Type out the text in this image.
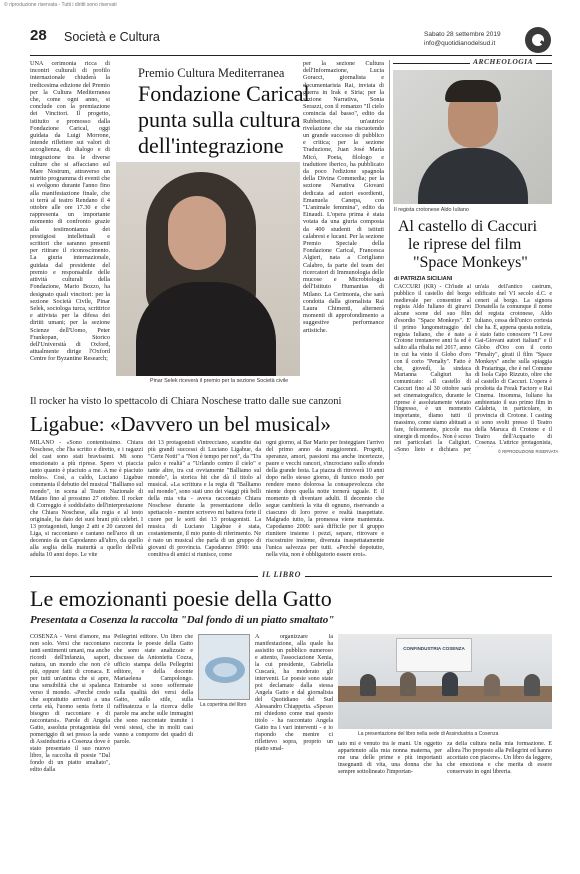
© riproduzione riservata - Tutti i diritti sono riservati
28 Società e Cultura	Sabato 28 settembre 2019
info@quotidianodelsud.it
UNA cerimonia ricca di incontri culturali di profilo internazionale chiuderà la tredicesima edizione del Premio per la Cultura Mediterranea che, come ogni anno, si conclude con la premiazione dei Vincitori. Il progetto, istituito e promosso dalla Fondazione Carical, oggi guidata da Luigi Morrone, intende riflettere sui valori di accoglienza, di dialogo e di integrazione tra le diverse culture che si affacciano sul Mare Nostrum, attraverso un nutrito programma di eventi che si svolgono durante l'anno fino alla manifestazione finale, che si terrà al teatro Rendano il 4 ottobre alle ore 17.30 e che rappresenta un importante momento di confronto grazie alla testimonianza dei prestigiosi intellettuali e scrittori che saranno presenti per ritirare il riconoscimento. La giuria internazionale, guidata dal presidente del premio e responsabile delle attività culturali della Fondazione, Mario Bozzo, ha designato quali vincitori: per la sezione Società Civile, Pinar Selek, sociologa turca, scrittrice e attivista per la difesa dei diritti umani; per la sezione Scienze dell'Uomo, Peter Frankopan, Storico dell'Università di Oxford, attualmente dirige l'Oxford Centre for Byzantine Research;
Premio Cultura Mediterranea
Fondazione Carical
punta sulla cultura
dell'integrazione
Pinar Selek riceverà il premio per la sezione Società civile
per la sezione Cultura dell'Informazione, Lucia Goracci, giornalista e documentarista Rai, inviata di guerra in Irak e Siria; per la sezione Narrativa, Sonia Serazzi, con il romanzo "Il cielo comincia dal basso", edito da Rubbettino, un'autrice rivelazione che sta riscuotendo un grande successo di pubblico e critica; per la sezione Traduzione, Juan José María Micó, Poeta, filologo e traduttore iberico, ha pubblicato da poco l'edizione spagnola della Divina Commedia; per la sezione Narrativa Giovani dedicata ad autori esordienti, Emanuela Canepa, con "L'animale femmina", edito da Einaudi. L'opera prima è stata votata da una giuria composta da 400 studenti di istituti calabresi e lucani. Per la sezione Premio Speciale della Fondazione Carical, Francesca Algieri, nata a Corigliano Calabro, fa parte del team dei ricercatori di Immunologia delle mucose e Microbiologia dell'Istituto Humanitas di Milano. La Cerimonia, che sarà condotta dalla giornalista Rai Laura Chimenti, alternerà momenti di approfondimento a suggestive performance artistiche.
ARCHEOLOGIA
Il regista crotonese Aldo Iuliano
Al castello di Caccuri
le riprese del film
"Space Monkeys"
di PATRIZIA SICILIANI
CACCURI (KR) - Ch'iude al pubblico il castello del borgo medievale per consentire al regista Aldo Iuliano di girarvi alcune scene del suo film d'esordio "Space Monkeys". E' il primo lungometraggio del regista Iuliano, che è nato a Crotone trentanove anni fa ed è salito alla ribalta nel 2017, anno in cui ha vinto il Globo d'oro con il corto "Penalty". Fatto è che, giovedì, la sindaca Marianna Caligiuri ha comunicato: «Il castello di Caccuri fino al 30 ottobre sarà set cinematografico, durante le riprese è assolutamente vietato l'ingresso, è un momento importante, diamo tutti il massimo, come siamo abituati a fare, felicemente, piccole ma sinergie di mondo». Non è sceso nei particolari la Caligiuri. «Sono lieto e dichiara per
un'ala dell'antico castrum, edificato nel VI secolo d.C. e ceneri al borgo. La signora Donatella fa comunque il nome del regista crotonese, Aldo Iuliano, cessa dell'unico cortesia che ha. È, appena questa notizia, è stato fatto conoscere "I Love Gai-Giovani autori italiani" e il Globo d'Oro con il corto "Penalty", girati il film "Space Monkeys" anche sulla spiaggia di Praiaringa, che è nel Comune di Isola Capo Rizzuto, oltre che al castello di Caccuri. L'opera è prodotta da Freak Factory e Rai Cinema. Insomma, Iuliano ha ambientato il suo primo film in Calabria, in particolare, in provincia di Crotone. I casting si sono svolti presso il Teatro della Maruca di Crotone e il Teatro dell'Acquario di Cosenza. L'attrice protagonista,
© RIPRODUZIONE RISERVATA
Il rocker ha visto lo spettacolo di Chiara Noschese tratto dalle sue canzoni
Ligabue: «Davvero un bel musical»
MILANO - «Sono contentissimo. Chiara Noschese, che l'ha scritto e diretto, e i ragazzi del cast sono stati bravissimi. Mi sono emozionato a più riprese. Spero vi piaccia tanto quanto è piaciuto a me. A me è piaciuto molto». Così, a caldo, Luciano Ligabue commenta il debutto del musical "Balliamo sul mondo", in scena al Teatro Nazionale di Milano fino al prossimo 27 ottobre. Il rocker di Correggio è soddisfatto dell'interpretazione che Chiara Noschese, alla regia e al testo originale, ha dato dei suoi brani più celebri. I 13 protagonisti, lungo 2 atti e 20 canzoni del Liga, si raccontano e cantano nell'arco di un decennio da un Capodanno all'altro, da quello alla soglia della maturità a quello dell'età adulta 10 anni dopo. Le vite
dei 13 protagonisti s'intrecciano, scandite dai più grandi successi di Luciano Ligabue, da "Certe Notti" a "Non è tempo per noi", da "Tra palco e realtà" a "Urlando contro il cielo" e tante altre, tra cui ovviamente "Balliamo sul mondo", la storica hit che dà il titolo al musical. «La scrittura e la regia di "Balliamo sul mondo", sono stati uno dei viaggi più belli della mia vita - aveva raccontato Chiara Noschese durante la presentazione dello spettacolo - mentre scrivevo mi batteva forte il cuore per le sorti dei 13 protagonisti. La musica di Luciano Ligabue è stata, costantemente, il mio punto di riferimento. Ne è nato un musical che parla di un gruppo di giovani di provincia. Capodanno 1990: una comitiva di amici si riunisce, come
ogni giorno, al Bar Mario per festeggiare l'arrivo del primo anno da maggiorenni. Progetti, speranze, amori, passioni ma anche incertezze, paure e vecchi rancori, s'incrociano sullo sfondo della grande festa. La piazza di ritroverà 10 anni dopo nello stesso giorno, di funico modo per rendere meno dolorosa la consapevolezza che niente dopo quella notte tornerà uguale. E il momento di diventare adulti. Il decennio che segue cambierà la vita di ognuno, riservando a ciascuno di loro prove e realtà inaspettate. Malgrado tutto, la promessa viene mantenuta. Capodanno 2000: sarà difficile per il gruppo riunitere insieme i pezzi, separe, ritrovare e riscostruire insieme, divenuta inaspettatamente l'unica salvezza per tutti. «Perché dopotutto, nella vita, non è obbligatorio essere eroi».
IL LIBRO
Le emozionanti poesie della Gatto
Presentata a Cosenza la raccolta "Dal fondo di un piatto smaltato"
COSENZA - Versi d'amore, ma non solo. Versi che raccontano tanti sentimenti umani, ma anche ricordi dell'infanzia, sapori, natura, un mondo che non c'è più, oppure fatti di cronaca. E per tutti un'anima che si apre, una sensibilità che si spalanca verso il mondo. «Perché credo che soprattutto arrivati a una certa età, l'uomo senta forte il bisogno di raccontare e di raccontarsi». Parole di Angela Gatto, assoluta protagonista del pomeriggio di set presso la sede di Assindustria a Cosenza dove è stato presentato il suo nuovo libro, la raccolta di poesie "Dal fondo di un piatto smaltato", edito dalla
Pellegrini editore. Un libro che racconta le poesie della Gatto che sono state analizzate e discusse da Antonietta Cozza, ufficio stampa della Pellegrini editore, e della docente Mariaelena Campolongo. Entrambe si sono soffermate sulla qualità dei versi della Gatto, sullo stile, sulla raffinatezza e la ricerca delle parole ma anche sulle immagini che sono raccontate tramite i versi stessi, che in molti casi vanno a comporre dei quadri di parole.
La copertina del libro
A organizzare la manifestazione, alla quale ha assistito un pubblico numeroso e attento, l'associazione Xenia, la cui presidente, Gabriella Cuscarà, ha moderato gli interventi. Le poesie sono state poi declamate dalla stessa Angela Gatto e dal giornalista del Quotidiano del Sud Alessandro Chiappetta. «Spesso mi chiedono come mai questo titolo - ha raccontato Angela Gatto tra i vari interventi - e io rispondo che mentre ci riflettevo sopra, proprio un piatto smal-
CONFINDUSTRIA COSENZA
La presentazione del libro nella sede di Assindustria a Cosenza
tato mi è venuto tra le mani. Un oggetto appartenuto alla mia nonna materna, per me una delle prime e più importanti insegnanti di vita, una donna che ha sempre sottolineato l'importan-
za della cultura nella mia formazione. E allora l'ho proposto alla Pellegrini ed hanno accettato con piacere». Un libro da leggere, che emoziona e che merita di essere conservato in ogni libreria.
